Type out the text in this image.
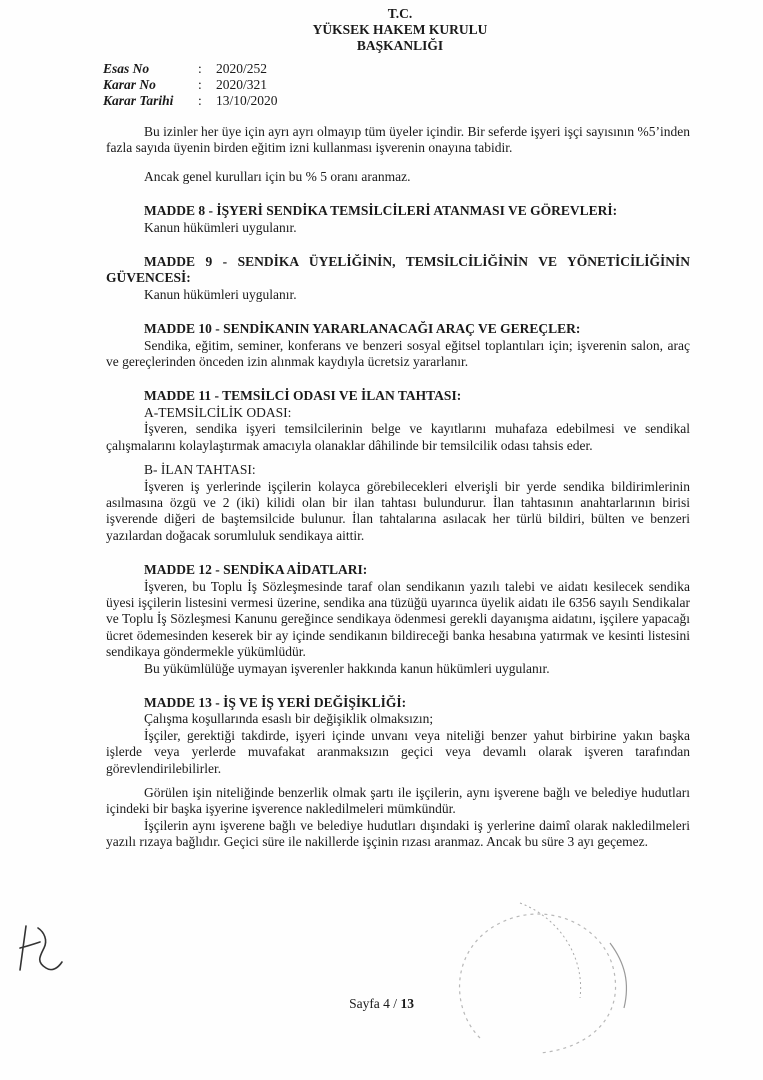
T.C.
YÜKSEK HAKEM KURULU
BAŞKANLIĞI
Esas No	:	2020/252
Karar No	:	2020/321
Karar Tarihi	:	13/10/2020

Bu izinler her üye için ayrı ayrı olmayıp tüm üyeler içindir. Bir seferde işyeri işçi sayısının %5’inden fazla sayıda üyenin birden eğitim izni kullanması işverenin onayına tabidir.

Ancak genel kurulları için bu % 5 oranı aranmaz.

MADDE 8 - İŞYERİ SENDİKA TEMSİLCİLERİ ATANMASI VE GÖREVLERİ:

Kanun hükümleri uygulanır.

MADDE 9 - SENDİKA ÜYELİĞİNİN, TEMSİLCİLİĞİNİN VE YÖNETİCİLİĞİNİN GÜVENCESİ:

Kanun hükümleri uygulanır.

MADDE 10 - SENDİKANIN YARARLANACAĞI ARAÇ VE GEREÇLER:

Sendika, eğitim, seminer, konferans ve benzeri sosyal eğitsel toplantıları için; işverenin salon, araç ve gereçlerinden önceden izin alınmak kaydıyla ücretsiz yararlanır.

MADDE 11 - TEMSİLCİ ODASI VE İLAN TAHTASI:

A-TEMSİLCİLİK ODASI:

İşveren, sendika işyeri temsilcilerinin belge ve kayıtlarını muhafaza edebilmesi ve sendikal çalışmalarını kolaylaştırmak amacıyla olanaklar dâhilinde bir temsilcilik odası tahsis eder.

B- İLAN TAHTASI:

İşveren iş yerlerinde işçilerin kolayca görebilecekleri elverişli bir yerde sendika bildirimlerinin asılmasına özgü ve 2 (iki) kilidi olan bir ilan tahtası bulundurur. İlan tahtasının anahtarlarının birisi işverende diğeri de baştemsilcide bulunur. İlan tahtalarına asılacak her türlü bildiri, bülten ve benzeri yazılardan doğacak sorumluluk sendikaya aittir.

MADDE 12 - SENDİKA AİDATLARI:

İşveren, bu Toplu İş Sözleşmesinde taraf olan sendikanın yazılı talebi ve aidatı kesilecek sendika üyesi işçilerin listesini vermesi üzerine, sendika ana tüzüğü uyarınca üyelik aidatı ile 6356 sayılı Sendikalar ve Toplu İş Sözleşmesi Kanunu gereğince sendikaya ödenmesi gerekli dayanışma aidatını, işçilere yapacağı ücret ödemesinden keserek bir ay içinde sendikanın bildireceği banka hesabına yatırmak ve kesinti listesini sendikaya göndermekle yükümlüdür.

Bu yükümlülüğe uymayan işverenler hakkında kanun hükümleri uygulanır.

MADDE 13 - İŞ VE İŞ YERİ DEĞİŞİKLİĞİ:

Çalışma koşullarında esaslı bir değişiklik olmaksızın;

İşçiler, gerektiği takdirde, işyeri içinde unvanı veya niteliği benzer yahut birbirine yakın başka işlerde veya yerlerde muvafakat aranmaksızın geçici veya devamlı olarak işveren tarafından görevlendirilebilirler.

Görülen işin niteliğinde benzerlik olmak şartı ile işçilerin, aynı işverene bağlı ve belediye hudutları içindeki bir başka işyerine işverence nakledilmeleri mümkündür.

İşçilerin aynı işverene bağlı ve belediye hudutları dışındaki iş yerlerine daimî olarak nakledilmeleri yazılı rızaya bağlıdır. Geçici süre ile nakillerde işçinin rızası aranmaz. Ancak bu süre 3 ayı geçemez.

Sayfa 4 / 13
